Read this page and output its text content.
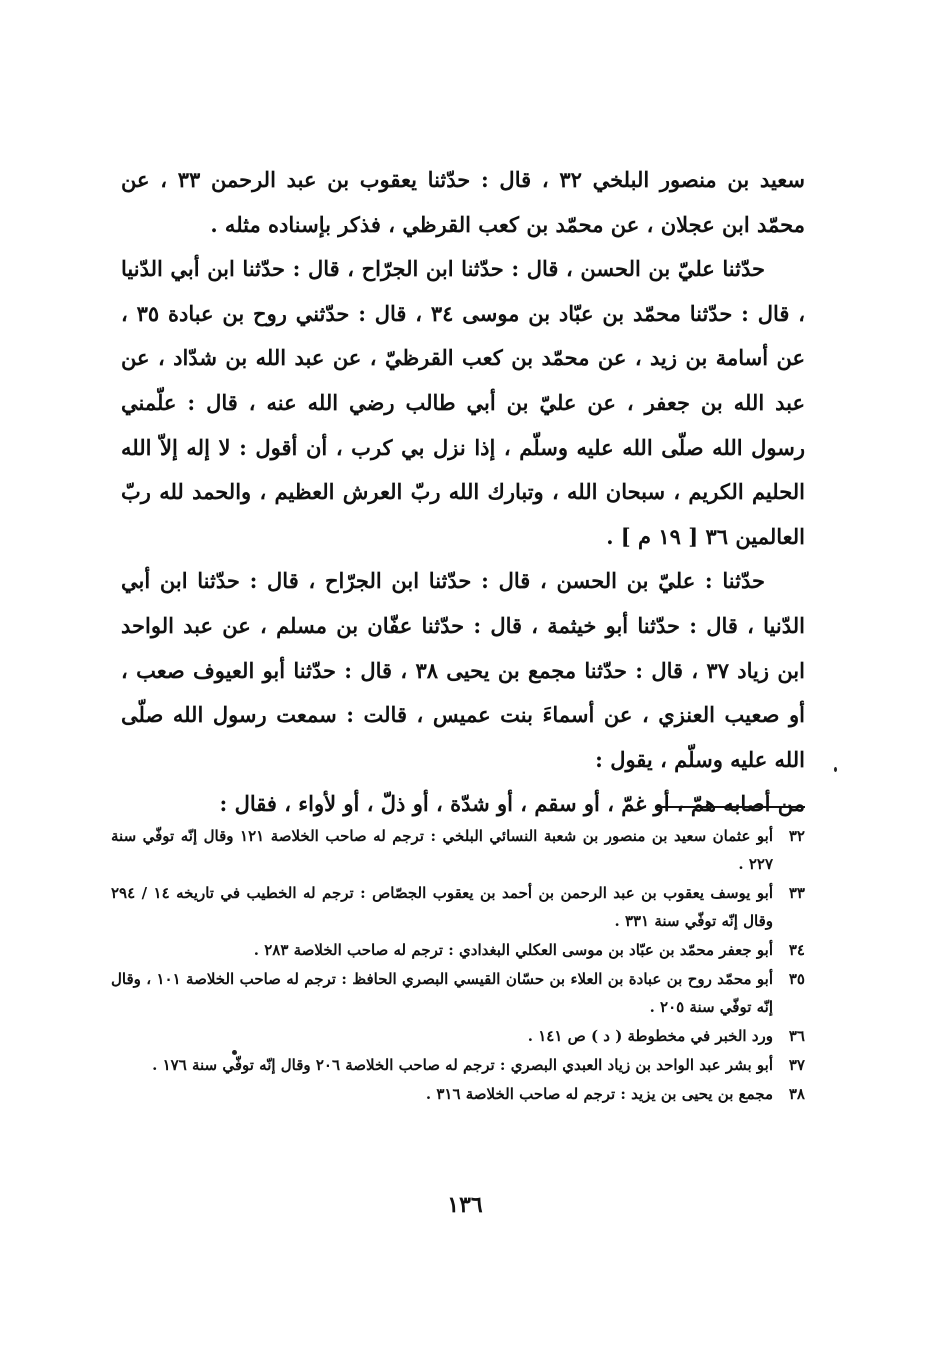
سعيد بن منصور البلخي ٣٢ ، قال : حدّثنا يعقوب بن عبد الرحمن ٣٣ ، عن محمّد ابن عجلان ، عن محمّد بن كعب القرظي ، فذكر بإسناده مثله .

حدّثنا عليّ بن الحسن ، قال : حدّثنا ابن الجرّاح ، قال : حدّثنا ابن أبي الدّنيا ، قال : حدّثنا محمّد بن عبّاد بن موسى ٣٤ ، قال : حدّثني روح بن عبادة ٣٥ ، عن أسامة بن زيد ، عن محمّد بن كعب القرظيّ ، عن عبد الله بن شدّاد ، عن عبد الله بن جعفر ، عن عليّ بن أبي طالب رضي الله عنه ، قال : علّمني رسول الله صلّى الله عليه وسلّم ، إذا نزل بي كرب ، أن أقول : لا إله إلاّ الله الحليم الكريم ، سبحان الله ، وتبارك الله ربّ العرش العظيم ، والحمد لله ربّ العالمين ٣٦ [ ١٩ م ] .

حدّثنا : عليّ بن الحسن ، قال : حدّثنا ابن الجرّاح ، قال : حدّثنا ابن أبي الدّنيا ، قال : حدّثنا أبو خيثمة ، قال : حدّثنا عفّان بن مسلم ، عن عبد الواحد ابن زياد ٣٧ ، قال : حدّثنا مجمع بن يحيى ٣٨ ، قال : حدّثنا أبو العيوف صعب ، أو صعيب العنزي ، عن أسماءَ بنت عميس ، قالت : سمعت رسول الله صلّى الله عليه وسلّم ، يقول :

من أصابه همّ ، أو غمّ ، أو سقم ، أو شدّة ، أو ذلّ ، أو لأواء ، فقال :

٣٢
أبو عثمان سعيد بن منصور بن شعبة النسائي البلخي : ترجم له صاحب الخلاصة ١٢١ وقال إنّه توفّي سنة ٢٢٧ .
٣٣
أبو يوسف يعقوب بن عبد الرحمن بن أحمد بن يعقوب الجصّاص : ترجم له الخطيب في تاريخه ١٤ / ٢٩٤ وقال إنّه توفّي سنة ٣٣١ .
٣٤
أبو جعفر محمّد بن عبّاد بن موسى العكلي البغدادي : ترجم له صاحب الخلاصة ٢٨٣ .
٣٥
أبو محمّد روح بن عبادة بن العلاء بن حسّان القيسي البصري الحافظ : ترجم له صاحب الخلاصة ١٠١ ، وقال إنّه توفّي سنة ٢٠٥ .
٣٦
ورد الخبر في مخطوطة ( د ) ص ١٤١ .
٣٧
أبو بشر عبد الواحد بن زياد العبدي البصري : ترجم له صاحب الخلاصة ٢٠٦ وقال إنّه توفّي سنة ١٧٦ .
٣٨
مجمع بن يحيى بن يزيد : ترجم له صاحب الخلاصة ٣١٦ .
١٣٦
